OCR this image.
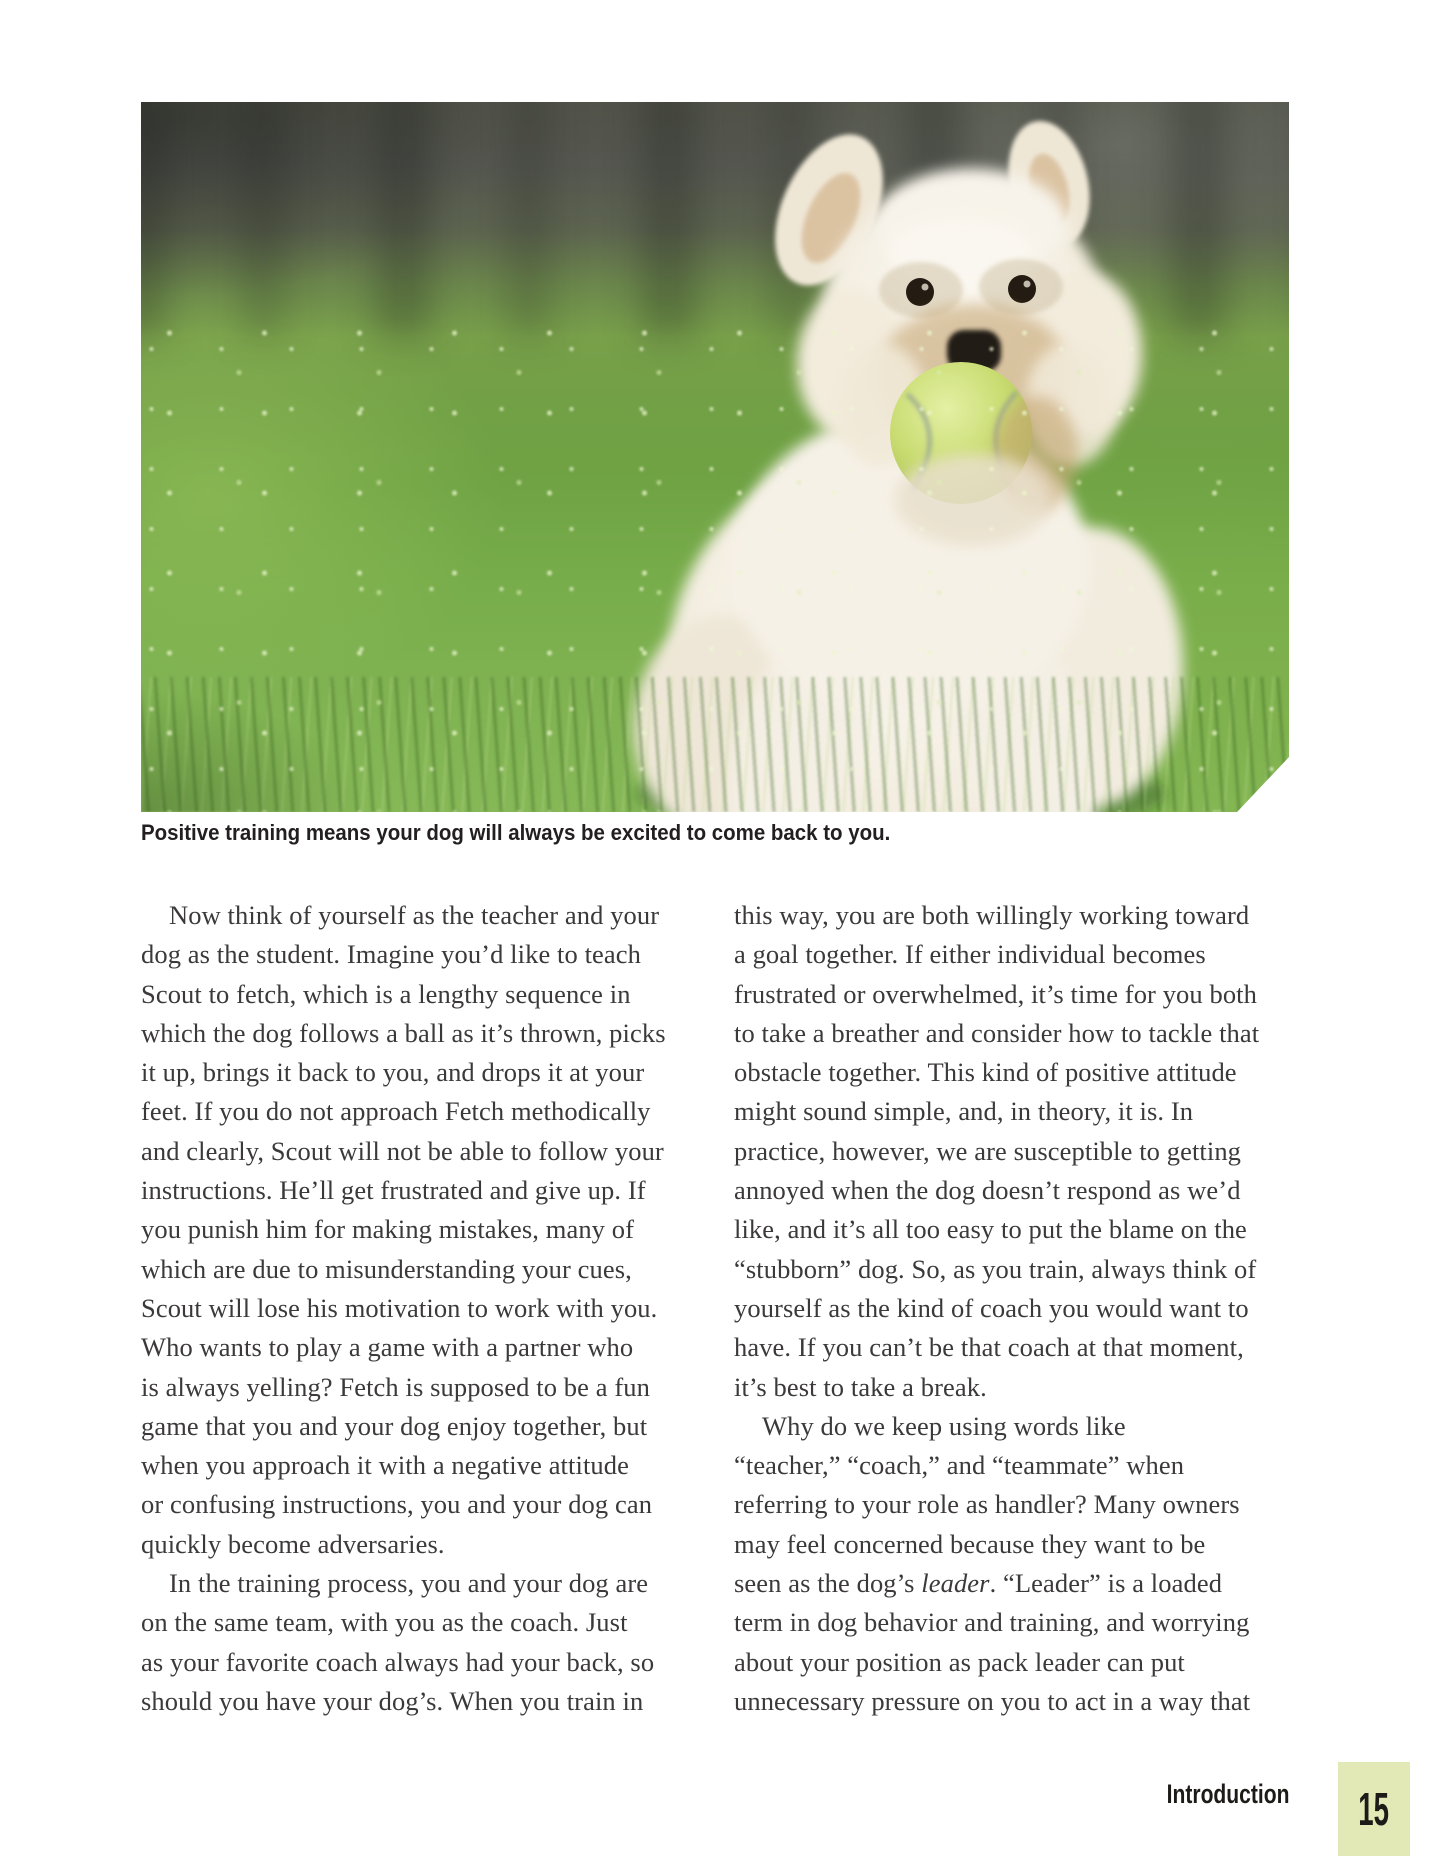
Positive training means your dog will always be excited to come back to you.
Now think of yourself as the teacher and your
dog as the student. Imagine you’d like to teach
Scout to fetch, which is a lengthy sequence in
which the dog follows a ball as it’s thrown, picks
it up, brings it back to you, and drops it at your
feet. If you do not approach Fetch methodically
and clearly, Scout will not be able to follow your
instructions. He’ll get frustrated and give up. If
you punish him for making mistakes, many of
which are due to misunderstanding your cues,
Scout will lose his motivation to work with you.
Who wants to play a game with a partner who
is always yelling? Fetch is supposed to be a fun
game that you and your dog enjoy together, but
when you approach it with a negative attitude
or confusing instructions, you and your dog can
quickly become adversaries.
In the training process, you and your dog are
on the same team, with you as the coach. Just
as your favorite coach always had your back, so
should you have your dog’s. When you train in
this way, you are both willingly working toward
a goal together. If either individual becomes
frustrated or overwhelmed, it’s time for you both
to take a breather and consider how to tackle that
obstacle together. This kind of positive attitude
might sound simple, and, in theory, it is. In
practice, however, we are susceptible to getting
annoyed when the dog doesn’t respond as we’d
like, and it’s all too easy to put the blame on the
“stubborn” dog. So, as you train, always think of
yourself as the kind of coach you would want to
have. If you can’t be that coach at that moment,
it’s best to take a break.
Why do we keep using words like
“teacher,” “coach,” and “teammate” when
referring to your role as handler? Many owners
may feel concerned because they want to be
seen as the dog’s leader. “Leader” is a loaded
term in dog behavior and training, and worrying
about your position as pack leader can put
unnecessary pressure on you to act in a way that
Introduction 15
